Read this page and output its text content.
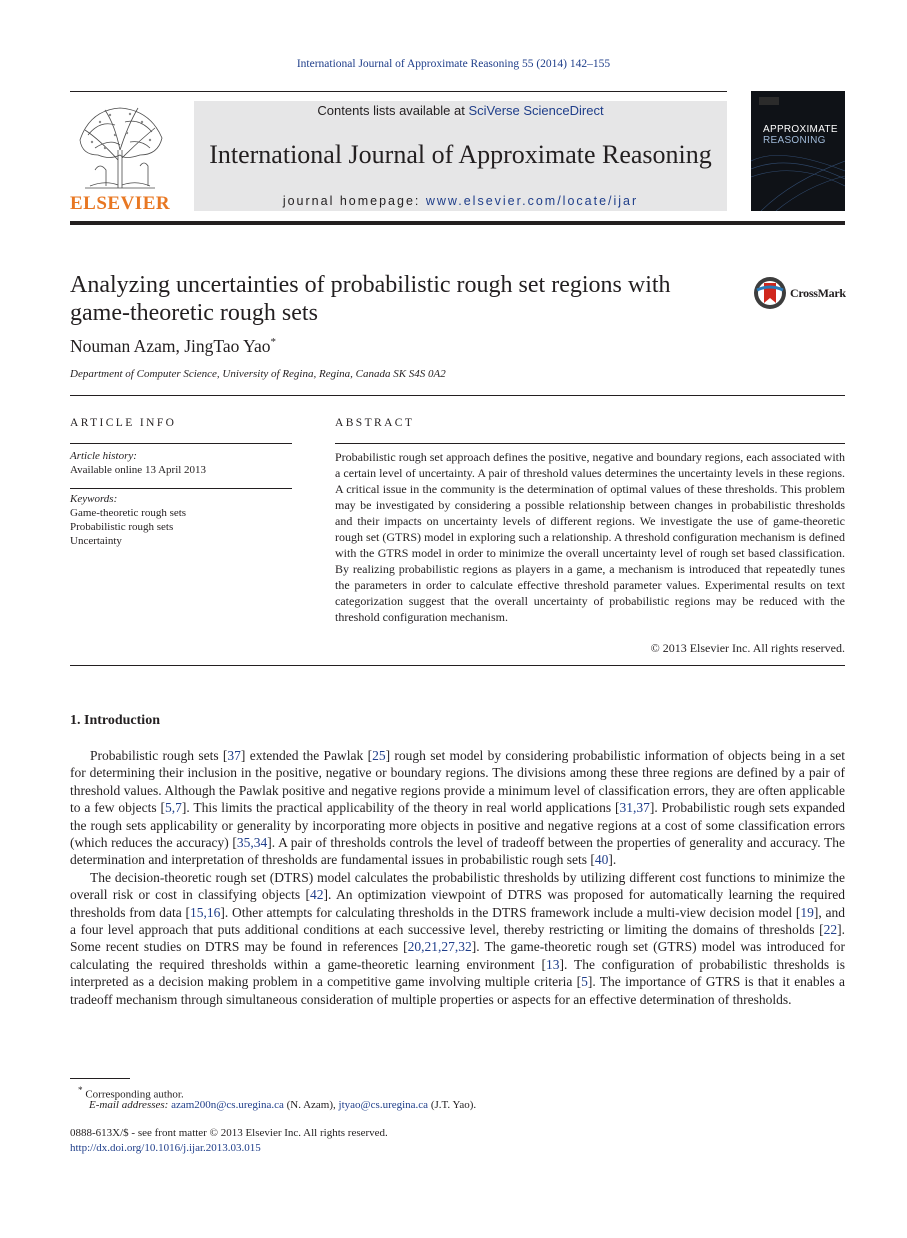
International Journal of Approximate Reasoning 55 (2014) 142–155
ELSEVIER
Contents lists available at SciVerse ScienceDirect
International Journal of Approximate Reasoning
journal homepage: www.elsevier.com/locate/ijar
APPROXIMATE
REASONING
Analyzing uncertainties of probabilistic rough set regions with
game-theoretic rough sets
CrossMark
Nouman Azam, JingTao Yao*
Department of Computer Science, University of Regina, Regina, Canada SK S4S 0A2
ARTICLE INFO
Article history:
Available online 13 April 2013
Keywords:
Game-theoretic rough sets
Probabilistic rough sets
Uncertainty
ABSTRACT
Probabilistic rough set approach defines the positive, negative and boundary regions, each associated with a certain level of uncertainty. A pair of threshold values determines the uncertainty levels in these regions. A critical issue in the community is the determination of optimal values of these thresholds. This problem may be investigated by considering a possible relationship between changes in probabilistic thresholds and their impacts on uncertainty levels of different regions. We investigate the use of game-theoretic rough set (GTRS) model in exploring such a relationship. A threshold configuration mechanism is defined with the GTRS model in order to minimize the overall uncertainty level of rough set based classification. By realizing probabilistic regions as players in a game, a mechanism is introduced that repeatedly tunes the parameters in order to calculate effective threshold parameter values. Experimental results on text categorization suggest that the overall uncertainty of probabilistic regions may be reduced with the threshold configuration mechanism.
© 2013 Elsevier Inc. All rights reserved.
1. Introduction

Probabilistic rough sets [37] extended the Pawlak [25] rough set model by considering probabilistic information of objects being in a set for determining their inclusion in the positive, negative or boundary regions. The divisions among these three regions are defined by a pair of threshold values. Although the Pawlak positive and negative regions provide a minimum level of classification errors, they are often applicable to a few objects [5,7]. This limits the practical applicability of the theory in real world applications [31,37]. Probabilistic rough sets expanded the rough sets applicability or generality by incorporating more objects in positive and negative regions at a cost of some classification errors (which reduces the accuracy) [35,34]. A pair of thresholds controls the level of tradeoff between the properties of generality and accuracy. The determination and interpretation of thresholds are fundamental issues in probabilistic rough sets [40].

The decision-theoretic rough set (DTRS) model calculates the probabilistic thresholds by utilizing different cost functions to minimize the overall risk or cost in classifying objects [42]. An optimization viewpoint of DTRS was proposed for automatically learning the required thresholds from data [15,16]. Other attempts for calculating thresholds in the DTRS framework include a multi-view decision model [19], and a four level approach that puts additional conditions at each successive level, thereby restricting or limiting the domains of thresholds [22]. Some recent studies on DTRS may be found in references [20,21,27,32]. The game-theoretic rough set (GTRS) model was introduced for calculating the required thresholds within a game-theoretic learning environment [13]. The configuration of probabilistic thresholds is interpreted as a decision making problem in a competitive game involving multiple criteria [5]. The importance of GTRS is that it enables a tradeoff mechanism through simultaneous consideration of multiple properties or aspects for an effective determination of thresholds.

* Corresponding author.
E-mail addresses: azam200n@cs.uregina.ca (N. Azam), jtyao@cs.uregina.ca (J.T. Yao).
0888-613X/$ - see front matter © 2013 Elsevier Inc. All rights reserved.
http://dx.doi.org/10.1016/j.ijar.2013.03.015
